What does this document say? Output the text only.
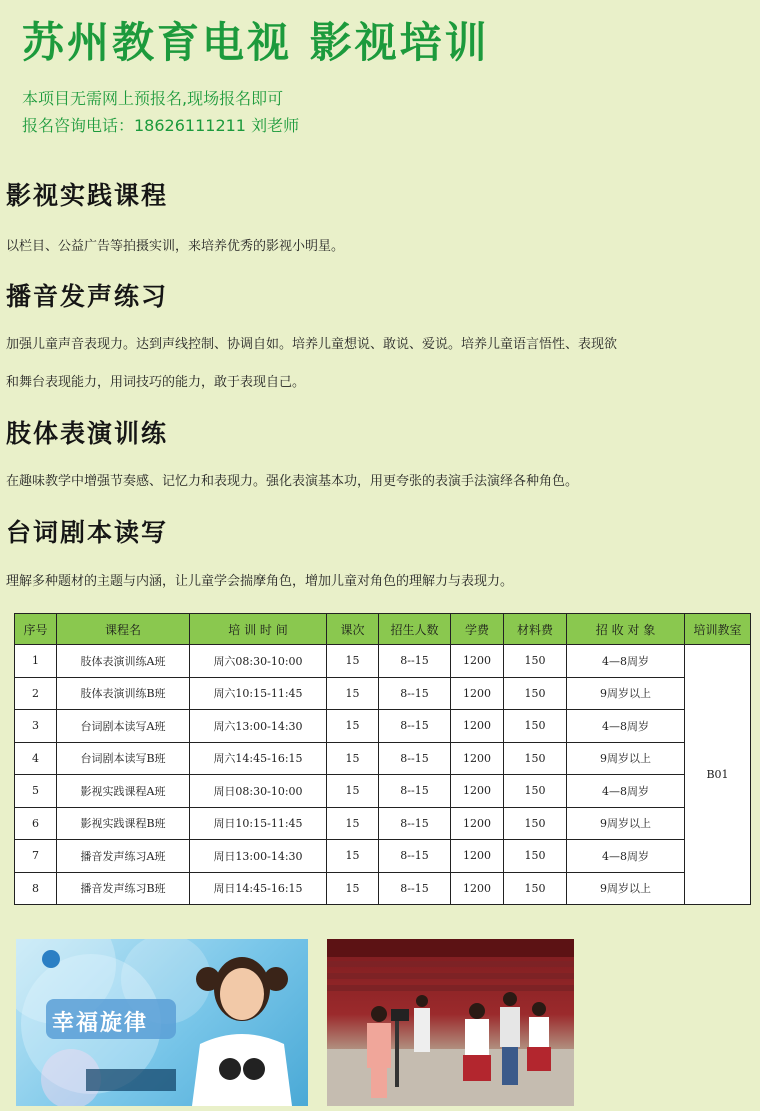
苏州教育电视 影视培训
本项目无需网上预报名,现场报名即可
报名咨询电话：18626111211 刘老师
影视实践课程
以栏目、公益广告等拍摄实训，来培养优秀的影视小明星。
播音发声练习
加强儿童声音表现力。达到声线控制、协调自如。培养儿童想说、敢说、爱说。培养儿童语言悟性、表现欲
和舞台表现能力，用词技巧的能力，敢于表现自己。
肢体表演训练
在趣味教学中增强节奏感、记忆力和表现力。强化表演基本功，用更夸张的表演手法演绎各种角色。
台词剧本读写
理解多种题材的主题与内涵，让儿童学会揣摩角色，增加儿童对角色的理解力与表现力。
序号	课程名	培 训 时 间	课次	招生人数	学费	材料费	招 收 对 象	培训教室
1	肢体表演训练A班	周六08:30-10:00	15	8--15	1200	150	4—8周岁	B01
2	肢体表演训练B班	周六10:15-11:45	15	8--15	1200	150	9周岁以上	
3	台词剧本读写A班	周六13:00-14:30	15	8--15	1200	150	4—8周岁	
4	台词剧本读写B班	周六14:45-16:15	15	8--15	1200	150	9周岁以上	
5	影视实践课程A班	周日08:30-10:00	15	8--15	1200	150	4—8周岁	
6	影视实践课程B班	周日10:15-11:45	15	8--15	1200	150	9周岁以上	
7	播音发声练习A班	周日13:00-14:30	15	8--15	1200	150	4—8周岁	
8	播音发声练习B班	周日14:45-16:15	15	8--15	1200	150	9周岁以上	
幸福旋律
